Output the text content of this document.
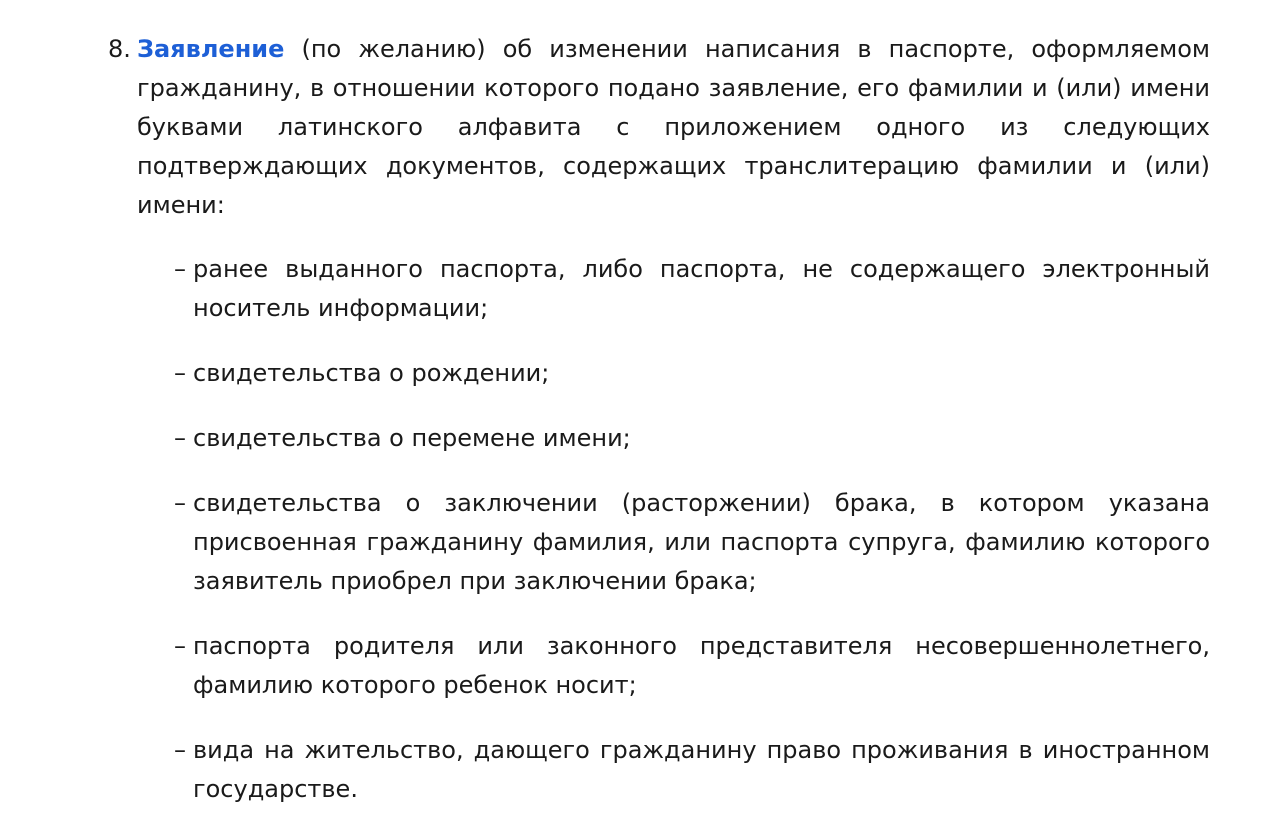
8. Заявление (по желанию) об изменении написания в паспорте, оформляемом гражданину, в отношении которого подано заявление, его фамилии и (или) имени буквами латинского алфавита с приложением одного из следующих подтверждающих документов, содержащих транслитерацию фамилии и (или) имени:
– ранее выданного паспорта, либо паспорта, не содержащего электронный носитель информации;
– свидетельства о рождении;
– свидетельства о перемене имени;
– свидетельства о заключении (расторжении) брака, в котором указана присвоенная гражданину фамилия, или паспорта супруга, фамилию которого заявитель приобрел при заключении брака;
– паспорта родителя или законного представителя несовершеннолетнего, фамилию которого ребенок носит;
– вида на жительство, дающего гражданину право проживания в иностранном государстве.
